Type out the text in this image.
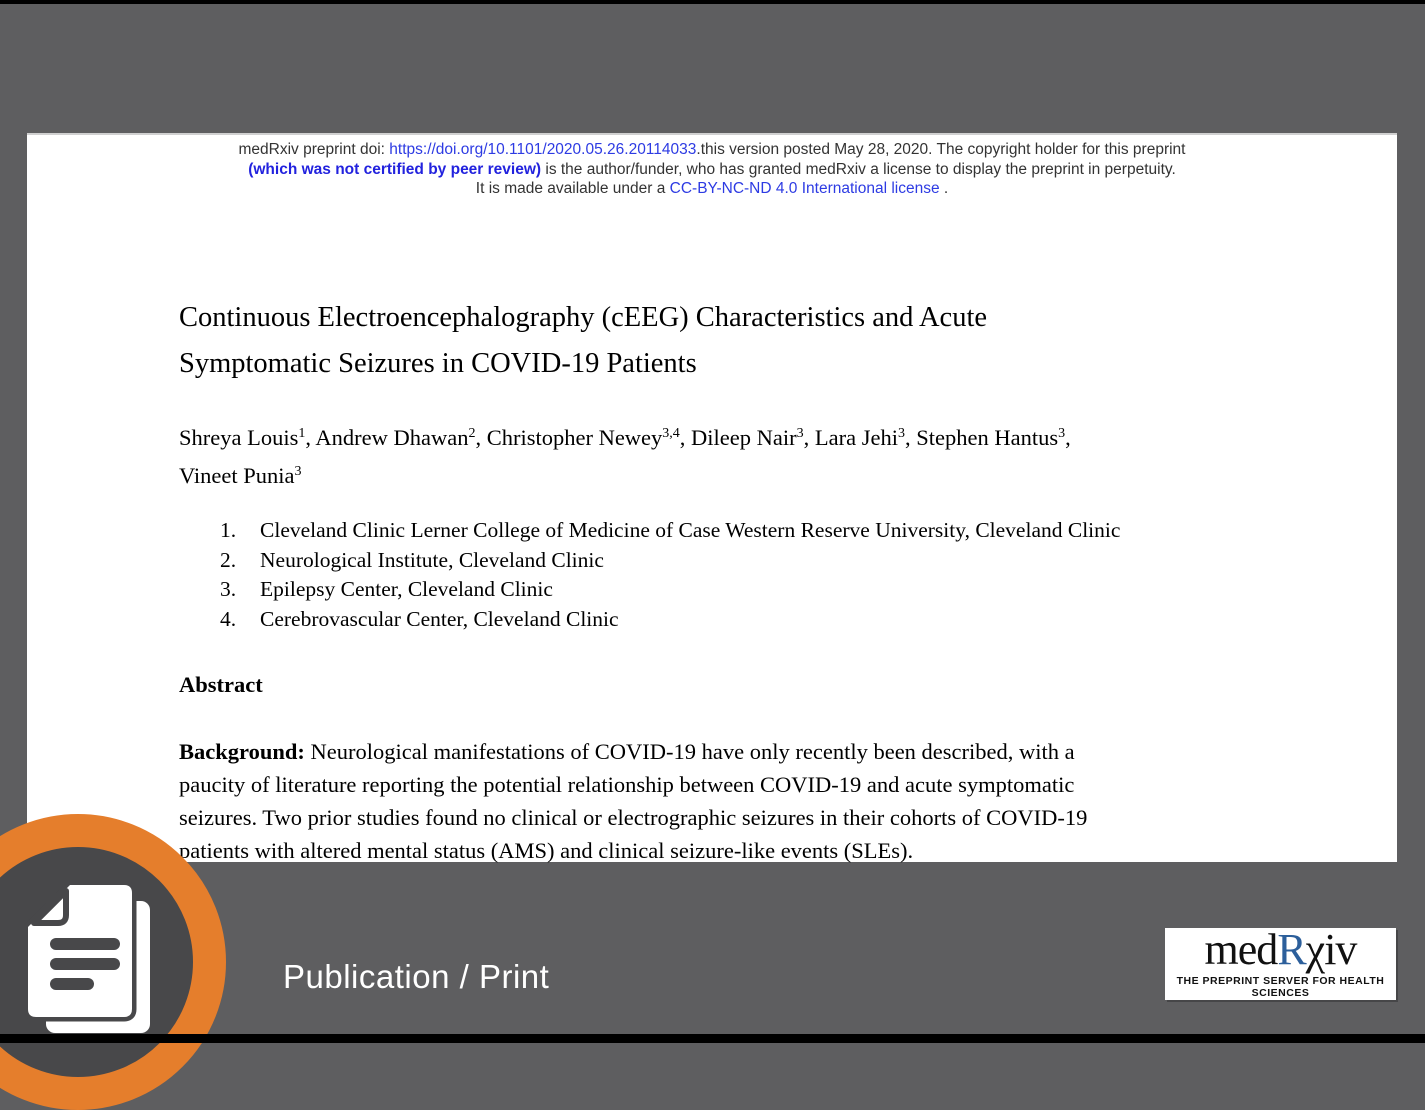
medRxiv preprint doi: https://doi.org/10.1101/2020.05.26.20114033.this version posted May 28, 2020. The copyright holder for this preprint
(which was not certified by peer review) is the author/funder, who has granted medRxiv a license to display the preprint in perpetuity.
It is made available under a CC-BY-NC-ND 4.0 International license .
Continuous Electroencephalography (cEEG) Characteristics and Acute
Symptomatic Seizures in COVID-19 Patients
Shreya Louis$^1$, Andrew Dhawan$^2$, Christopher Newey$^{3,4}$, Dileep Nair$^3$, Lara Jehi$^3$, Stephen Hantus$^3$,
Vineet Punia$^3$
1.	Cleveland Clinic Lerner College of Medicine of Case Western Reserve University, Cleveland Clinic
2.	Neurological Institute, Cleveland Clinic
3.	Epilepsy Center, Cleveland Clinic
4.	Cerebrovascular Center, Cleveland Clinic
Abstract
Background: Neurological manifestations of COVID-19 have only recently been described, with a
paucity of literature reporting the potential relationship between COVID-19 and acute symptomatic
seizures. Two prior studies found no clinical or electrographic seizures in their cohorts of COVID-19
patients with altered mental status (AMS) and clinical seizure-like events (SLEs).
Publication / Print
medRχiv
THE PREPRINT SERVER FOR HEALTH SCIENCES
